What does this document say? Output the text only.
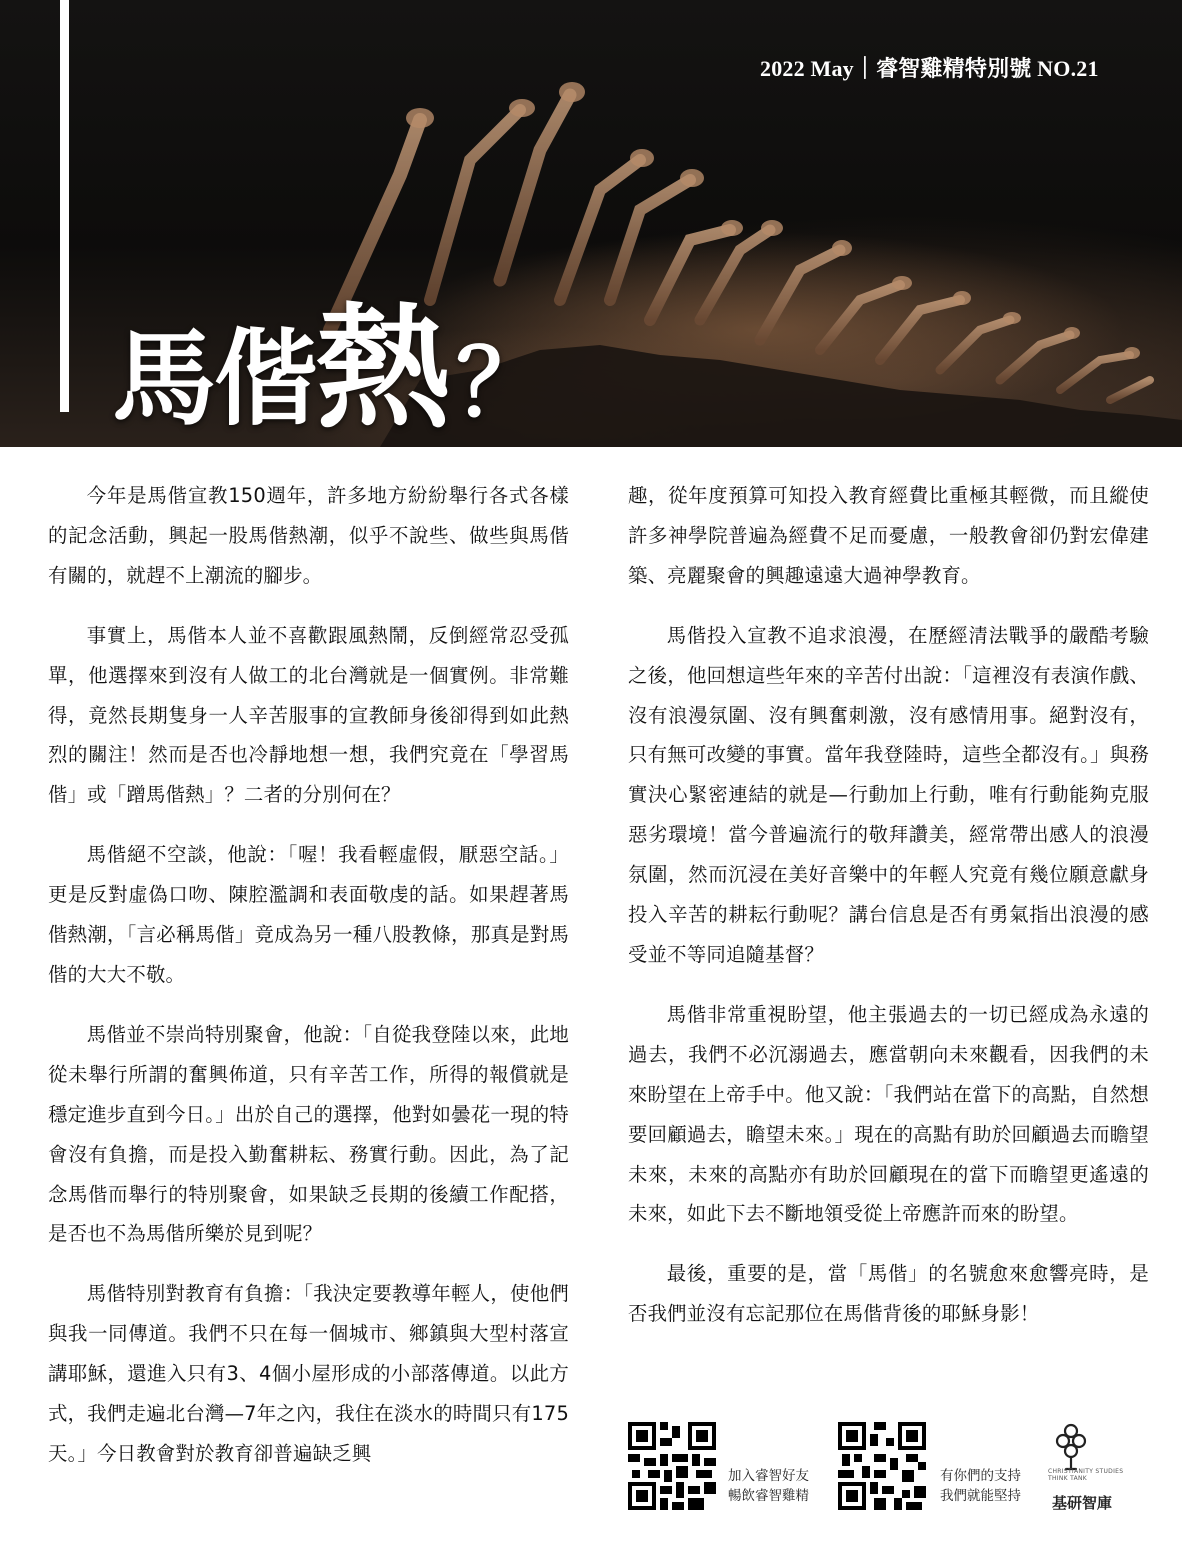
2022 May｜睿智雞精特別號 NO.21
馬偕熱？

今年是馬偕宣教150週年，許多地方紛紛舉行各式各樣的記念活動，興起一股馬偕熱潮，似乎不說些、做些與馬偕有關的，就趕不上潮流的腳步。

事實上，馬偕本人並不喜歡跟風熱鬧，反倒經常忍受孤單，他選擇來到沒有人做工的北台灣就是一個實例。非常難得，竟然長期隻身一人辛苦服事的宣教師身後卻得到如此熱烈的關注！然而是否也冷靜地想一想，我們究竟在「學習馬偕」或「蹭馬偕熱」？二者的分別何在？

馬偕絕不空談，他說：「喔！我看輕虛假，厭惡空話。」更是反對虛偽口吻、陳腔濫調和表面敬虔的話。如果趕著馬偕熱潮，「言必稱馬偕」竟成為另一種八股教條，那真是對馬偕的大大不敬。

馬偕並不崇尚特別聚會，他說：「自從我登陸以來，此地從未舉行所謂的奮興佈道，只有辛苦工作，所得的報償就是穩定進步直到今日。」出於自己的選擇，他對如曇花一現的特會沒有負擔，而是投入勤奮耕耘、務實行動。因此，為了記念馬偕而舉行的特別聚會，如果缺乏長期的後續工作配搭，是否也不為馬偕所樂於見到呢？

馬偕特別對教育有負擔：「我決定要教導年輕人，使他們與我一同傳道。我們不只在每一個城市、鄉鎮與大型村落宣講耶穌，還進入只有3、4個小屋形成的小部落傳道。以此方式，我們走遍北台灣—7年之內，我住在淡水的時間只有175天。」今日教會對於教育卻普遍缺乏興

趣，從年度預算可知投入教育經費比重極其輕微，而且縱使許多神學院普遍為經費不足而憂慮，一般教會卻仍對宏偉建築、亮麗聚會的興趣遠遠大過神學教育。

馬偕投入宣教不追求浪漫，在歷經清法戰爭的嚴酷考驗之後，他回想這些年來的辛苦付出說：「這裡沒有表演作戲、沒有浪漫氛圍、沒有興奮刺激，沒有感情用事。絕對沒有，只有無可改變的事實。當年我登陸時，這些全都沒有。」與務實決心緊密連結的就是—行動加上行動，唯有行動能夠克服惡劣環境！當今普遍流行的敬拜讚美，經常帶出感人的浪漫氛圍，然而沉浸在美好音樂中的年輕人究竟有幾位願意獻身投入辛苦的耕耘行動呢？講台信息是否有勇氣指出浪漫的感受並不等同追隨基督？

馬偕非常重視盼望，他主張過去的一切已經成為永遠的過去，我們不必沉溺過去，應當朝向未來觀看，因我們的未來盼望在上帝手中。他又說：「我們站在當下的高點，自然想要回顧過去，瞻望未來。」現在的高點有助於回顧過去而瞻望未來，未來的高點亦有助於回顧現在的當下而瞻望更遙遠的未來，如此下去不斷地領受從上帝應許而來的盼望。

最後，重要的是，當「馬偕」的名號愈來愈響亮時，是否我們並沒有忘記那位在馬偕背後的耶穌身影！

加入睿智好友
暢飲睿智雞精
有你們的支持
我們就能堅持
CHRISTIANITY STUDIES
THINK TANK
基研智庫
